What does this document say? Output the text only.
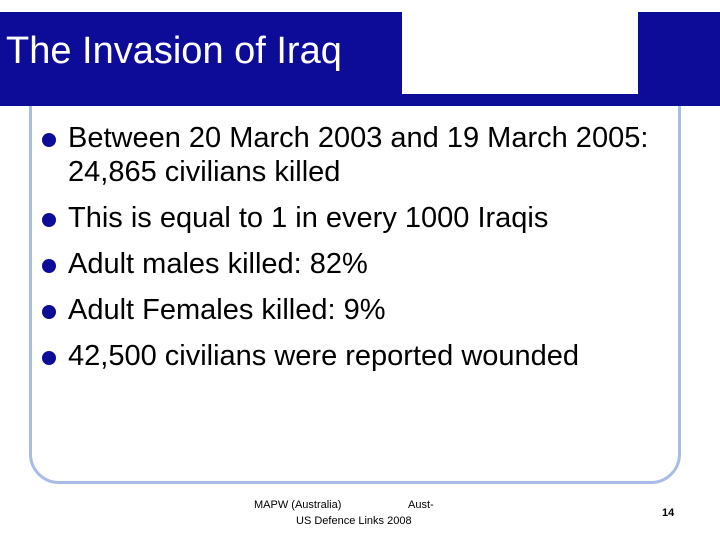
The Invasion of Iraq
Between 20 March 2003 and 19 March 2005: 24,865 civilians killed
This is equal to 1 in every 1000 Iraqis
Adult males killed: 82%
Adult Females killed: 9%
42,500 civilians were reported wounded
MAPW (Australia)                      Aust-
US Defence Links 2008
14
